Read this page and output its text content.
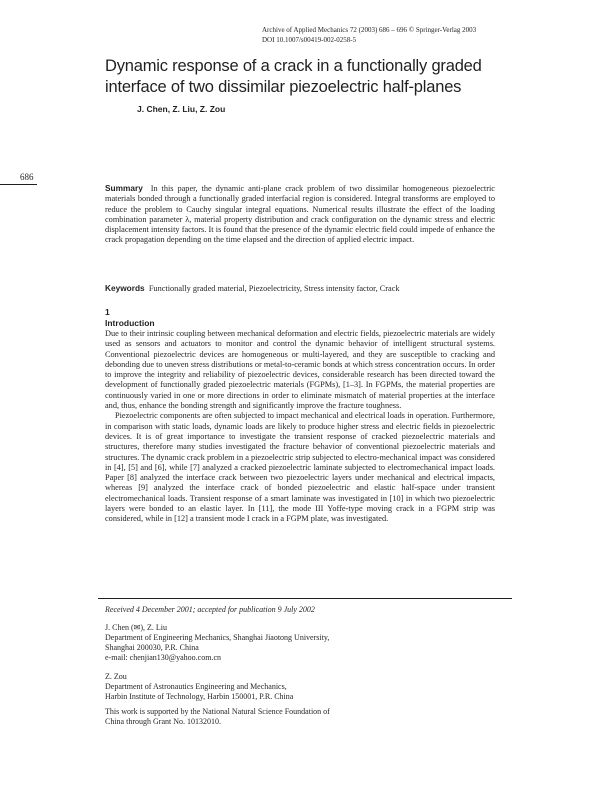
Archive of Applied Mechanics 72 (2003) 686 – 696 © Springer-Verlag 2003
DOI 10.1007/s00419-002-0258-5
Dynamic response of a crack in a functionally graded
interface of two dissimilar piezoelectric half-planes
J. Chen, Z. Liu, Z. Zou
686
Summary In this paper, the dynamic anti-plane crack problem of two dissimilar homogeneous piezoelectric materials bonded through a functionally graded interfacial region is considered. Integral transforms are employed to reduce the problem to Cauchy singular integral equations. Numerical results illustrate the effect of the loading combination parameter λ, material property distribution and crack configuration on the dynamic stress and electric displacement intensity factors. It is found that the presence of the dynamic electric field could impede of enhance the crack propagation depending on the time elapsed and the direction of applied electric impact.
Keywords Functionally graded material, Piezoelectricity, Stress intensity factor, Crack
1
Introduction

Due to their intrinsic coupling between mechanical deformation and electric fields, piezoelectric materials are widely used as sensors and actuators to monitor and control the dynamic behavior of intelligent structural systems. Conventional piezoelectric devices are homogeneous or multi-layered, and they are susceptible to cracking and debonding due to uneven stress distributions or metal-to-ceramic bonds at which stress concentration occurs. In order to improve the integrity and reliability of piezoelectric devices, considerable research has been directed toward the development of functionally graded piezoelectric materials (FGPMs), [1–3]. In FGPMs, the material properties are continuously varied in one or more directions in order to eliminate mismatch of material properties at the interface and, thus, enhance the bonding strength and significantly improve the fracture toughness.

Piezoelectric components are often subjected to impact mechanical and electrical loads in operation. Furthermore, in comparison with static loads, dynamic loads are likely to produce higher stress and electric fields in piezoelectric devices. It is of great importance to investigate the transient response of cracked piezoelectric materials and structures, therefore many studies investigated the fracture behavior of conventional piezoelectric materials and structures. The dynamic crack problem in a piezoelectric strip subjected to electro-mechanical impact was considered in [4], [5] and [6], while [7] analyzed a cracked piezoelectric laminate subjected to electromechanical impact loads. Paper [8] analyzed the interface crack between two piezoelectric layers under mechanical and electrical impacts, whereas [9] analyzed the interface crack of bonded piezoelectric and elastic half-space under transient electromechanical loads. Transient response of a smart laminate was investigated in [10] in which two piezoelectric layers were bonded to an elastic layer. In [11], the mode III Yoffe-type moving crack in a FGPM strip was considered, while in [12] a transient mode I crack in a FGPM plate, was investigated.

Received 4 December 2001; accepted for publication 9 July 2002
J. Chen (✉), Z. Liu
Department of Engineering Mechanics, Shanghai Jiaotong University,
Shanghai 200030, P.R. China
e-mail: chenjian130@yahoo.com.cn
Z. Zou
Department of Astronautics Engineering and Mechanics,
Harbin Institute of Technology, Harbin 150001, P.R. China
This work is supported by the National Natural Science Foundation of
China through Grant No. 10132010.
